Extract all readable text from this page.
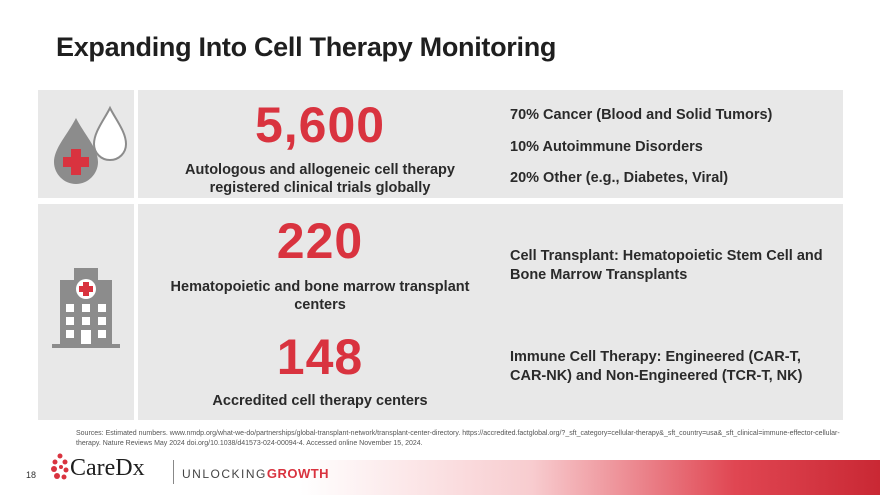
Expanding Into Cell Therapy Monitoring
5,600
Autologous and allogeneic cell therapy
registered clinical trials globally
70% Cancer (Blood and Solid Tumors)
10% Autoimmune Disorders
20% Other (e.g., Diabetes, Viral)
220
Hematopoietic and bone marrow transplant
centers
Cell Transplant: Hematopoietic Stem Cell and
Bone Marrow Transplants
148
Accredited cell therapy centers
Immune Cell Therapy: Engineered (CAR-T,
CAR-NK) and Non-Engineered (TCR-T, NK)
Sources: Estimated numbers. www.nmdp.org/what-we-do/partnerships/global-transplant-network/transplant-center-directory. https://accredited.factglobal.org/?_sft_category=cellular-therapy&_sft_country=usa&_sft_clinical=immune-effector-cellular-
therapy. Nature Reviews May 2024 doi.org/10.1038/d41573-024-00094-4. Accessed online November 15, 2024.
18 CareDx	UNLOCKINGGROWTH
